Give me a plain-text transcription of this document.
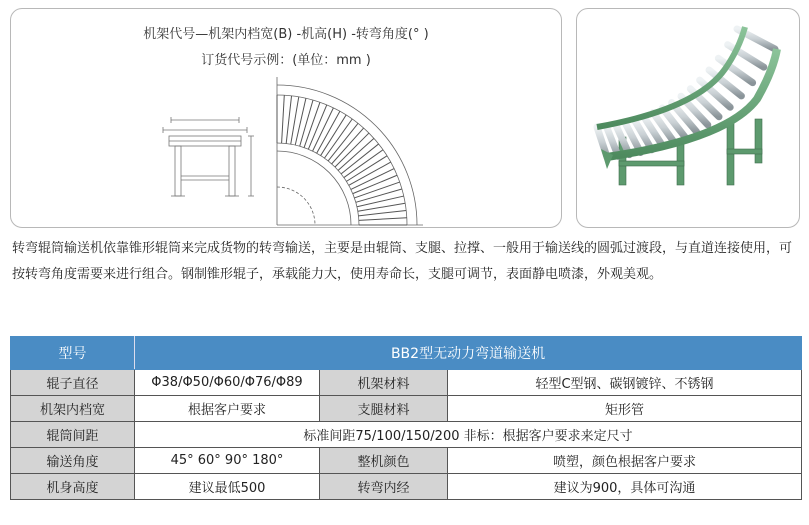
机架代号—机架内档宽(B) -机高(H) -转弯角度(° )
订货代号示例：(单位：mm )
转弯辊筒输送机依靠锥形辊筒来完成货物的转弯输送，主要是由辊筒、支腿、拉撑、一般用于输送线的圆弧过渡段，与直道连接使用，可按转弯角度需要来进行组合。钢制锥形辊子，承载能力大，使用寿命长，支腿可调节，表面静电喷漆，外观美观。
型号	BB2型无动力弯道输送机		
辊子直径	Φ38/Φ50/Φ60/Φ76/Φ89	机架材料	轻型C型钢、碳钢镀锌、不锈钢
机架内档宽	根据客户要求	支腿材料	矩形管
辊筒间距	标准间距75/100/150/200 非标：根据客户要求来定尺寸		
输送角度	45° 60° 90° 180°	整机颜色	喷塑，颜色根据客户要求
机身高度	建议最低500	转弯内经	建议为900，具体可沟通
